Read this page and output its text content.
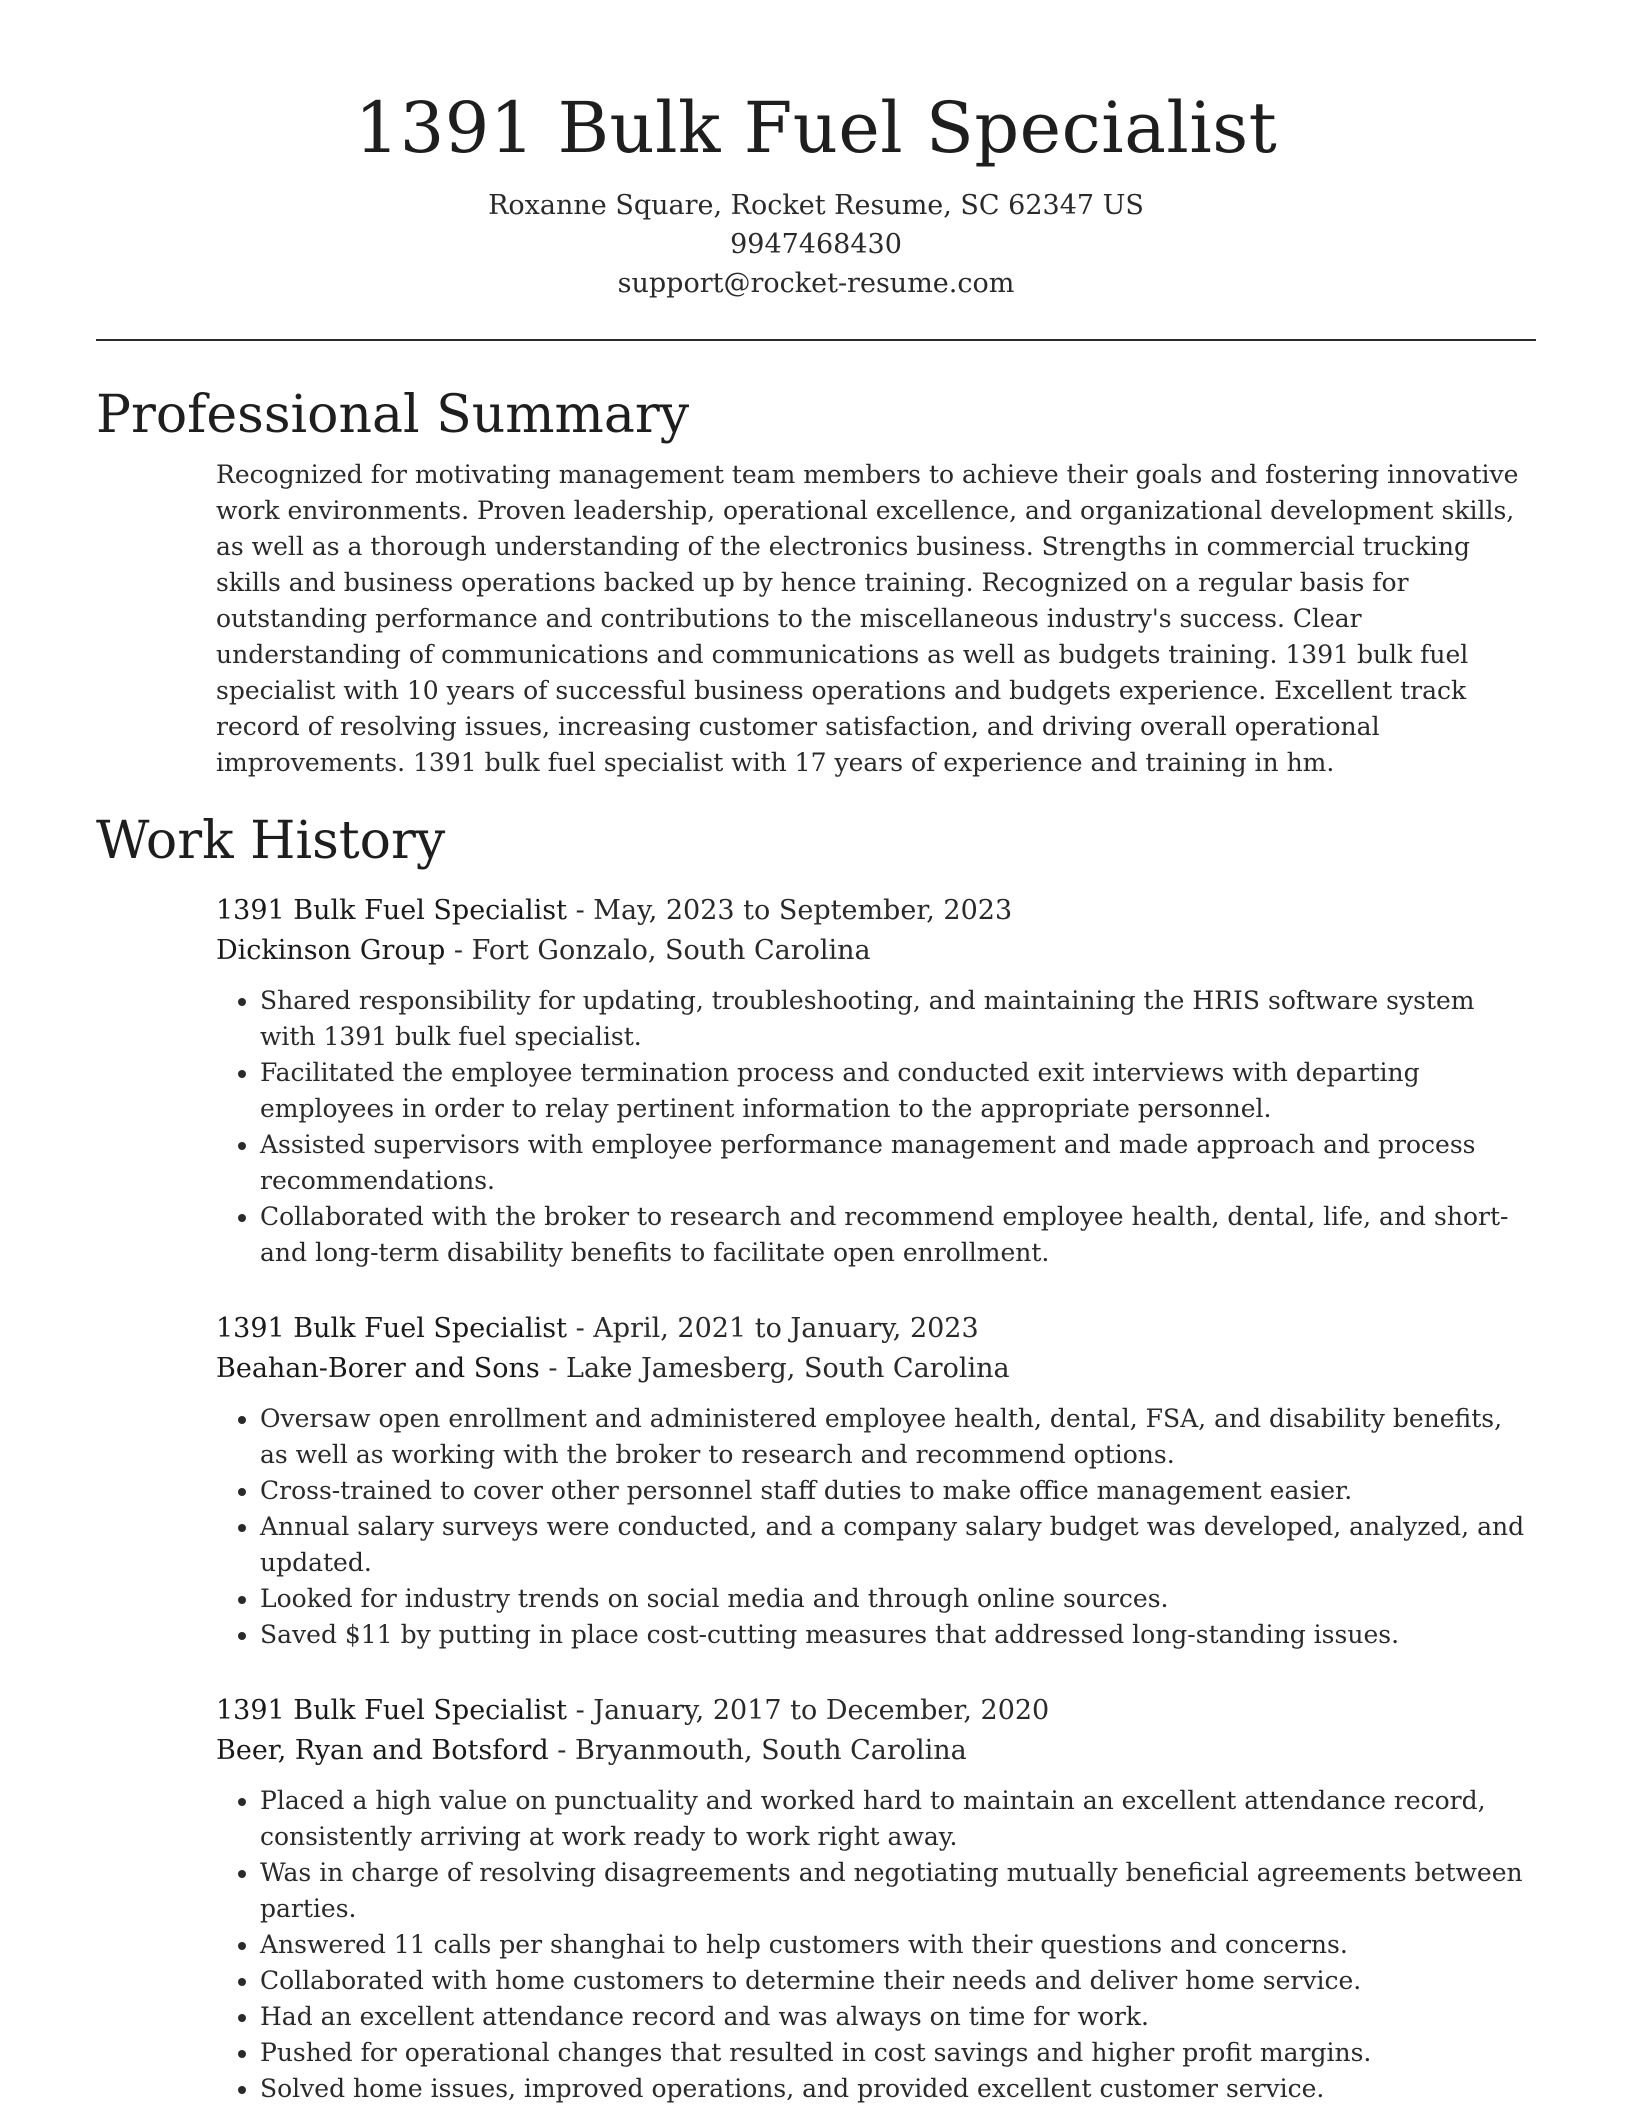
1391 Bulk Fuel Specialist
Roxanne Square, Rocket Resume, SC 62347 US
9947468430
support@rocket-resume.com
Professional Summary
Recognized for motivating management team members to achieve their goals and fostering innovative work environments. Proven leadership, operational excellence, and organizational development skills, as well as a thorough understanding of the electronics business. Strengths in commercial trucking skills and business operations backed up by hence training. Recognized on a regular basis for outstanding performance and contributions to the miscellaneous industry's success. Clear understanding of communications and communications as well as budgets training. 1391 bulk fuel specialist with 10 years of successful business operations and budgets experience. Excellent track record of resolving issues, increasing customer satisfaction, and driving overall operational improvements. 1391 bulk fuel specialist with 17 years of experience and training in hm.
Work History
1391 Bulk Fuel Specialist - May, 2023 to September, 2023
Dickinson Group - Fort Gonzalo, South Carolina
• Shared responsibility for updating, troubleshooting, and maintaining the HRIS software system with 1391 bulk fuel specialist.
• Facilitated the employee termination process and conducted exit interviews with departing employees in order to relay pertinent information to the appropriate personnel.
• Assisted supervisors with employee performance management and made approach and process recommendations.
• Collaborated with the broker to research and recommend employee health, dental, life, and short- and long-term disability benefits to facilitate open enrollment.
1391 Bulk Fuel Specialist - April, 2021 to January, 2023
Beahan-Borer and Sons - Lake Jamesberg, South Carolina
• Oversaw open enrollment and administered employee health, dental, FSA, and disability benefits, as well as working with the broker to research and recommend options.
• Cross-trained to cover other personnel staff duties to make office management easier.
• Annual salary surveys were conducted, and a company salary budget was developed, analyzed, and updated.
• Looked for industry trends on social media and through online sources.
• Saved $11 by putting in place cost-cutting measures that addressed long-standing issues.
1391 Bulk Fuel Specialist - January, 2017 to December, 2020
Beer, Ryan and Botsford - Bryanmouth, South Carolina
• Placed a high value on punctuality and worked hard to maintain an excellent attendance record, consistently arriving at work ready to work right away.
• Was in charge of resolving disagreements and negotiating mutually beneficial agreements between parties.
• Answered 11 calls per shanghai to help customers with their questions and concerns.
• Collaborated with home customers to determine their needs and deliver home service.
• Had an excellent attendance record and was always on time for work.
• Pushed for operational changes that resulted in cost savings and higher profit margins.
• Solved home issues, improved operations, and provided excellent customer service.
